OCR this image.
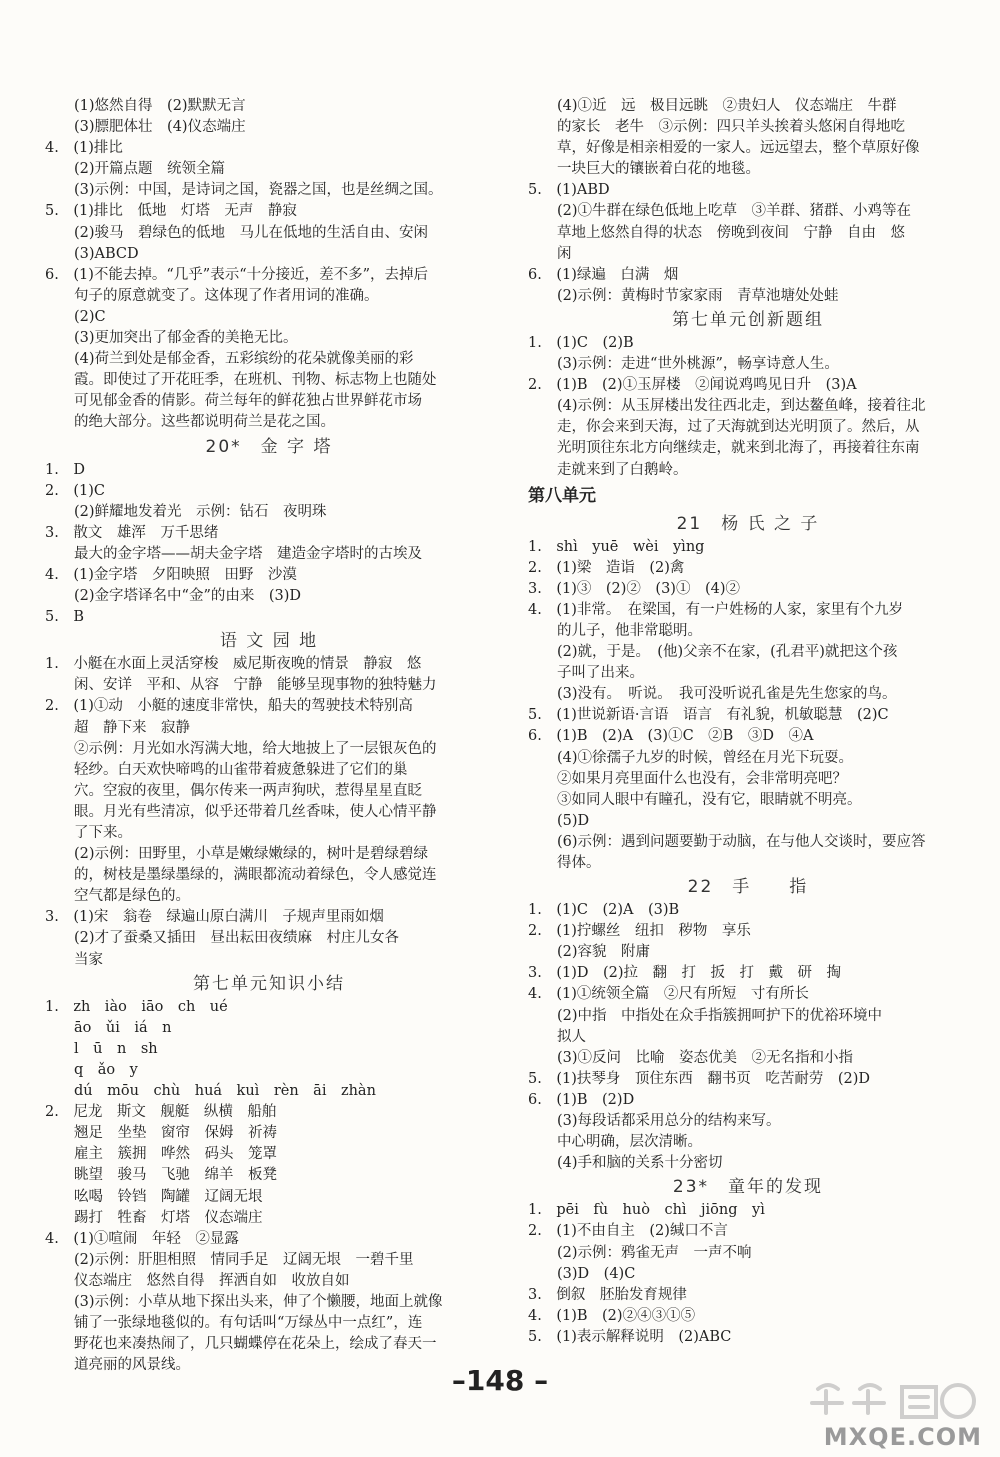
　　(1)悠然自得　(2)默默无言
　　(3)膘肥体壮　(4)仪态端庄
4.　(1)排比
　　(2)开篇点题　统领全篇
　　(3)示例：中国，是诗词之国，瓷器之国，也是丝绸之国。
5.　(1)排比　低地　灯塔　无声　静寂
　　(2)骏马　碧绿色的低地　马儿在低地的生活自由、安闲
　　(3)ABCD
6.　(1)不能去掉。“几乎”表示“十分接近，差不多”，去掉后
　　句子的原意就变了。这体现了作者用词的准确。
　　(2)C
　　(3)更加突出了郁金香的美艳无比。
　　(4)荷兰到处是郁金香，五彩缤纷的花朵就像美丽的彩
　　霞。即使过了开花旺季，在班机、刊物、标志物上也随处
　　可见郁金香的倩影。荷兰每年的鲜花独占世界鲜花市场
　　的绝大部分。这些都说明荷兰是花之国。
20*　金 字 塔
1.　D
2.　(1)C
　　(2)鲜耀地发着光　示例：钻石　夜明珠
3.　散文　雄浑　万千思绪
　　最大的金字塔——胡夫金字塔　建造金字塔时的古埃及
4.　(1)金字塔　夕阳映照　田野　沙漠
　　(2)金字塔译名中“金”的由来　(3)D
5.　B
语 文 园 地
1.　小艇在水面上灵活穿梭　威尼斯夜晚的情景　静寂　悠
　　闲、安详　平和、从容　宁静　能够呈现事物的独特魅力
2.　(1)①动　小艇的速度非常快，船夫的驾驶技术特别高
　　超　静下来　寂静
　　②示例：月光如水泻满大地，给大地披上了一层银灰色的
　　轻纱。白天欢快啼鸣的山雀带着疲惫躲进了它们的巢
　　穴。空寂的夜里，偶尔传来一两声狗吠，惹得星星直眨
　　眼。月光有些清凉，似乎还带着几丝香味，使人心情平静
　　了下来。
　　(2)示例：田野里，小草是嫩绿嫩绿的，树叶是碧绿碧绿
　　的，树枝是墨绿墨绿的，满眼都流动着绿色，令人感觉连
　　空气都是绿色的。
3.　(1)宋　翁卷　绿遍山原白满川　子规声里雨如烟
　　(2)才了蚕桑又插田　昼出耘田夜绩麻　村庄儿女各
　　当家
第七单元知识小结
1.　zh　iào　iāo　ch　ué
　　āo　ǔi　iá　n
　　l　ū　n　sh
　　q　ǎo　y
　　dú　mōu　chù　huá　kuì　rèn　āi　zhàn
2.　尼龙　斯文　舰艇　纵横　船舶
　　翘足　坐垫　窗帘　保姆　祈祷
　　雇主　簇拥　哗然　码头　笼罩
　　眺望　骏马　飞驰　绵羊　板凳
　　吆喝　铃铛　陶罐　辽阔无垠
　　踢打　牲畜　灯塔　仪态端庄
4.　(1)①喧闹　年轻　②显露
　　(2)示例：肝胆相照　情同手足　辽阔无垠　一碧千里
　　仪态端庄　悠然自得　挥洒自如　收放自如
　　(3)示例：小草从地下探出头来，伸了个懒腰，地面上就像
　　铺了一张绿地毯似的。有句话叫“万绿丛中一点红”，连
　　野花也来凑热闹了，几只蝴蝶停在花朵上，绘成了春天一
　　道亮丽的风景线。
　　(4)①近　远　极目远眺　②贵妇人　仪态端庄　牛群
　　的家长　老牛　③示例：四只羊头挨着头悠闲自得地吃
　　草，好像是相亲相爱的一家人。远远望去，整个草原好像
　　一块巨大的镶嵌着白花的地毯。
5.　(1)ABD
　　(2)①牛群在绿色低地上吃草　③羊群、猪群、小鸡等在
　　草地上悠然自得的状态　傍晚到夜间　宁静　自由　悠
　　闲
6.　(1)绿遍　白满　烟
　　(2)示例：黄梅时节家家雨　青草池塘处处蛙
第七单元创新题组
1.　(1)C　(2)B
　　(3)示例：走进“世外桃源”，畅享诗意人生。
2.　(1)B　(2)①玉屏楼　②闻说鸡鸣见日升　(3)A
　　(4)示例：从玉屏楼出发往西北走，到达鳌鱼峰，接着往北
　　走，你会来到天海，过了天海就到达光明顶了。然后，从
　　光明顶往东北方向继续走，就来到北海了，再接着往东南
　　走就来到了白鹅岭。
第八单元
21　杨 氏 之 子
1.　shì　yuē　wèi　yìng
2.　(1)梁　造诣　(2)禽
3.　(1)③　(2)②　(3)①　(4)②
4.　(1)非常。　在梁国，有一户姓杨的人家，家里有个九岁
　　的儿子，他非常聪明。
　　(2)就，于是。　(他)父亲不在家，(孔君平)就把这个孩
　　子叫了出来。
　　(3)没有。　听说。　我可没听说孔雀是先生您家的鸟。
5.　(1)世说新语·言语　语言　有礼貌，机敏聪慧　(2)C
6.　(1)B　(2)A　(3)①C　②B　③D　④A
　　(4)①徐孺子九岁的时候，曾经在月光下玩耍。
　　②如果月亮里面什么也没有，会非常明亮吧？
　　③如同人眼中有瞳孔，没有它，眼睛就不明亮。
　　(5)D
　　(6)示例：遇到问题要勤于动脑，在与他人交谈时，要应答
　　得体。
22　手　　指
1.　(1)C　(2)A　(3)B
2.　(1)拧螺丝　纽扣　秽物　享乐
　　(2)容貌　附庸
3.　(1)D　(2)拉　翻　打　扳　打　戴　研　掏
4.　(1)①统领全篇　②尺有所短　寸有所长
　　(2)中指　中指处在众手指簇拥呵护下的优裕环境中
　　拟人
　　(3)①反问　比喻　姿态优美　②无名指和小指
5.　(1)扶琴身　顶住东西　翻书页　吃苦耐劳　(2)D
6.　(1)B　(2)D
　　(3)每段话都采用总分的结构来写。
　　中心明确，层次清晰。
　　(4)手和脑的关系十分密切
23*　童年的发现
1.　pēi　fù　huò　chì　jiōng　yì
2.　(1)不由自主　(2)缄口不言
　　(2)示例：鸦雀无声　一声不响
　　(3)D　(4)C
3.　倒叙　胚胎发育规律
4.　(1)B　(2)②④③①⑤
5.　(1)表示解释说明　(2)ABC
–148 –
MXQE.COM
